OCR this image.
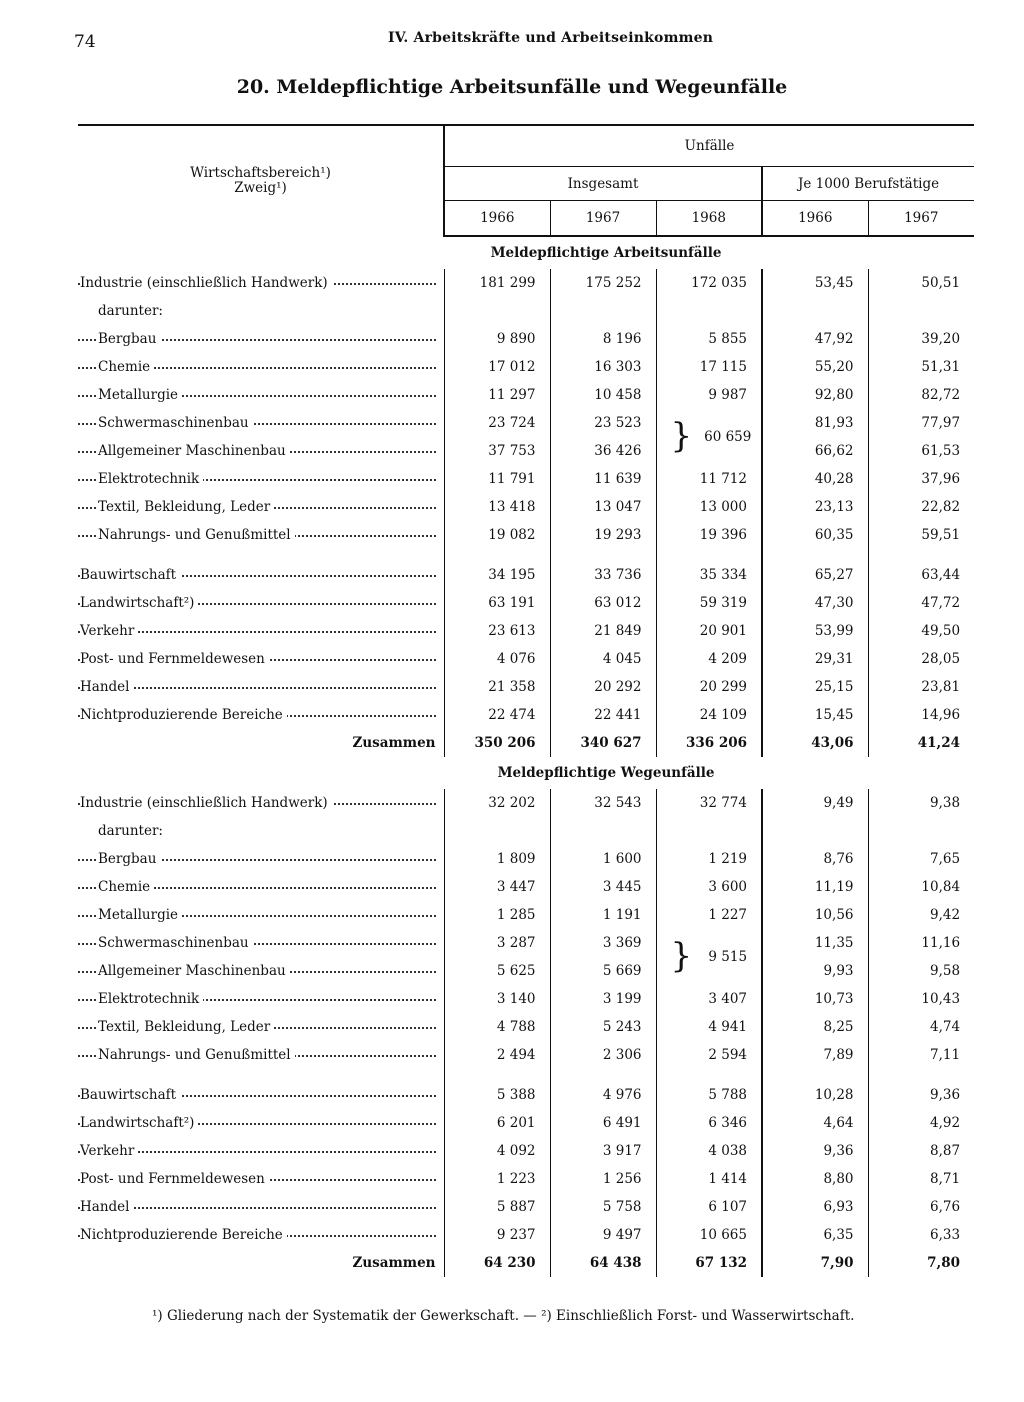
74	IV. Arbeitskräfte und Arbeitseinkommen
20. Meldepflichtige Arbeitsunfälle und Wegeunfälle
Wirtschaftsbereich¹)
Zweig¹)	Unfälle				
	Insgesamt			Je 1000 Berufstätige	
	1966	1967	1968	1966	1967
Meldepflichtige Arbeitsunfälle					

Industrie (einschließlich Handwerk)	181 299	175 252	172 035	53,45	50,51
darunter:					

Bergbau	9 890	8 196	5 855	47,92	39,20

Chemie	17 012	16 303	17 115	55,20	51,31

Metallurgie	11 297	10 458	9 987	92,80	82,72

Schwermaschinenbau	23 724	23 523	} 60 659	81,93	77,97

Allgemeiner Maschinenbau	37 753	36 426		66,62	61,53

Elektrotechnik	11 791	11 639	11 712	40,28	37,96

Textil, Bekleidung, Leder	13 418	13 047	13 000	23,13	22,82

Nahrungs- und Genußmittel	19 082	19 293	19 396	60,35	59,51

Bauwirtschaft	34 195	33 736	35 334	65,27	63,44

Landwirtschaft²)	63 191	63 012	59 319	47,30	47,72

Verkehr	23 613	21 849	20 901	53,99	49,50

Post- und Fernmeldewesen	4 076	4 045	4 209	29,31	28,05

Handel	21 358	20 292	20 299	25,15	23,81

Nichtproduzierende Bereiche	22 474	22 441	24 109	15,45	14,96
Zusammen	350 206	340 627	336 206	43,06	41,24
Meldepflichtige Wegeunfälle					

Industrie (einschließlich Handwerk)	32 202	32 543	32 774	9,49	9,38
darunter:					

Bergbau	1 809	1 600	1 219	8,76	7,65

Chemie	3 447	3 445	3 600	11,19	10,84

Metallurgie	1 285	1 191	1 227	10,56	9,42

Schwermaschinenbau	3 287	3 369	} 9 515	11,35	11,16

Allgemeiner Maschinenbau	5 625	5 669		9,93	9,58

Elektrotechnik	3 140	3 199	3 407	10,73	10,43

Textil, Bekleidung, Leder	4 788	5 243	4 941	8,25	4,74

Nahrungs- und Genußmittel	2 494	2 306	2 594	7,89	7,11

Bauwirtschaft	5 388	4 976	5 788	10,28	9,36

Landwirtschaft²)	6 201	6 491	6 346	4,64	4,92

Verkehr	4 092	3 917	4 038	9,36	8,87

Post- und Fernmeldewesen	1 223	1 256	1 414	8,80	8,71

Handel	5 887	5 758	6 107	6,93	6,76

Nichtproduzierende Bereiche	9 237	9 497	10 665	6,35	6,33
Zusammen	64 230	64 438	67 132	7,90	7,80
¹) Gliederung nach der Systematik der Gewerkschaft. — ²) Einschließlich Forst- und Wasserwirtschaft.
